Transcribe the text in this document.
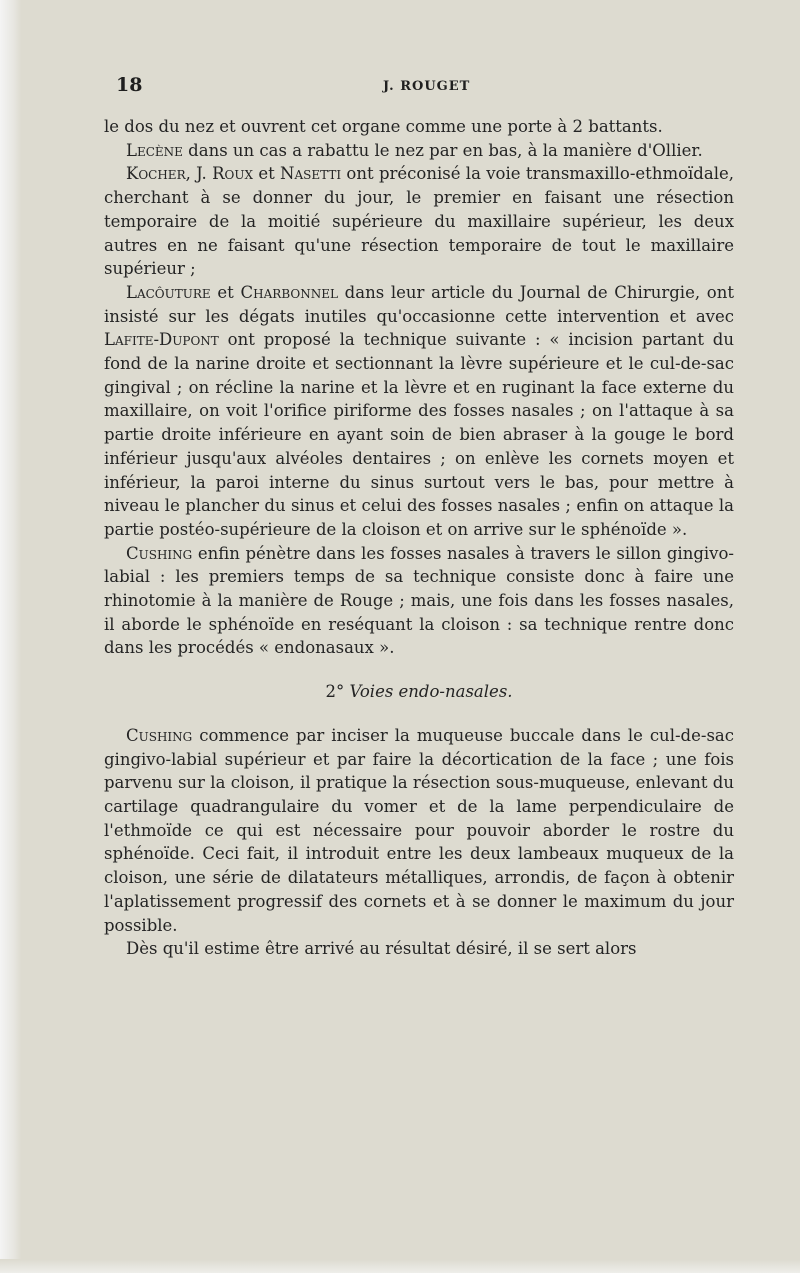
18	J. ROUGET

le dos du nez et ouvrent cet organe comme une porte à 2 battants.

Lecène dans un cas a rabattu le nez par en bas, à la manière d'Ollier.

Kocher, J. Roux et Nasetti ont préconisé la voie transmaxillo-ethmoïdale, cherchant à se donner du jour, le premier en faisant une résection temporaire de la moitié supérieure du maxillaire supérieur, les deux autres en ne faisant qu'une résection temporaire de tout le maxillaire supérieur ;

Lacôuture et Charbonnel dans leur article du Journal de Chirurgie, ont insisté sur les dégats inutiles qu'occasionne cette intervention et avec Lafite-Dupont ont proposé la technique suivante : « incision partant du fond de la narine droite et sectionnant la lèvre supérieure et le cul-de-sac gingival ; on récline la narine et la lèvre et en ruginant la face externe du maxillaire, on voit l'orifice piriforme des fosses nasales ; on l'attaque à sa partie droite inférieure en ayant soin de bien abraser à la gouge le bord inférieur jusqu'aux alvéoles dentaires ; on enlève les cornets moyen et inférieur, la paroi interne du sinus surtout vers le bas, pour mettre à niveau le plancher du sinus et celui des fosses nasales ; enfin on attaque la partie postéo-supérieure de la cloison et on arrive sur le sphénoïde ».

Cushing enfin pénètre dans les fosses nasales à travers le sillon gingivo-labial : les premiers temps de sa technique consiste donc à faire une rhinotomie à la manière de Rouge ; mais, une fois dans les fosses nasales, il aborde le sphénoïde en reséquant la cloison : sa technique rentre donc dans les procédés « endonasaux ».

2° Voies endo-nasales.

Cushing commence par inciser la muqueuse buccale dans le cul-de-sac gingivo-labial supérieur et par faire la décortication de la face ; une fois parvenu sur la cloison, il pratique la résection sous-muqueuse, enlevant du cartilage quadrangulaire du vomer et de la lame perpendiculaire de l'ethmoïde ce qui est nécessaire pour pouvoir aborder le rostre du sphénoïde. Ceci fait, il introduit entre les deux lambeaux muqueux de la cloison, une série de dilatateurs métalliques, arrondis, de façon à obtenir l'aplatissement progressif des cornets et à se donner le maximum du jour possible.

Dès qu'il estime être arrivé au résultat désiré, il se sert alors
